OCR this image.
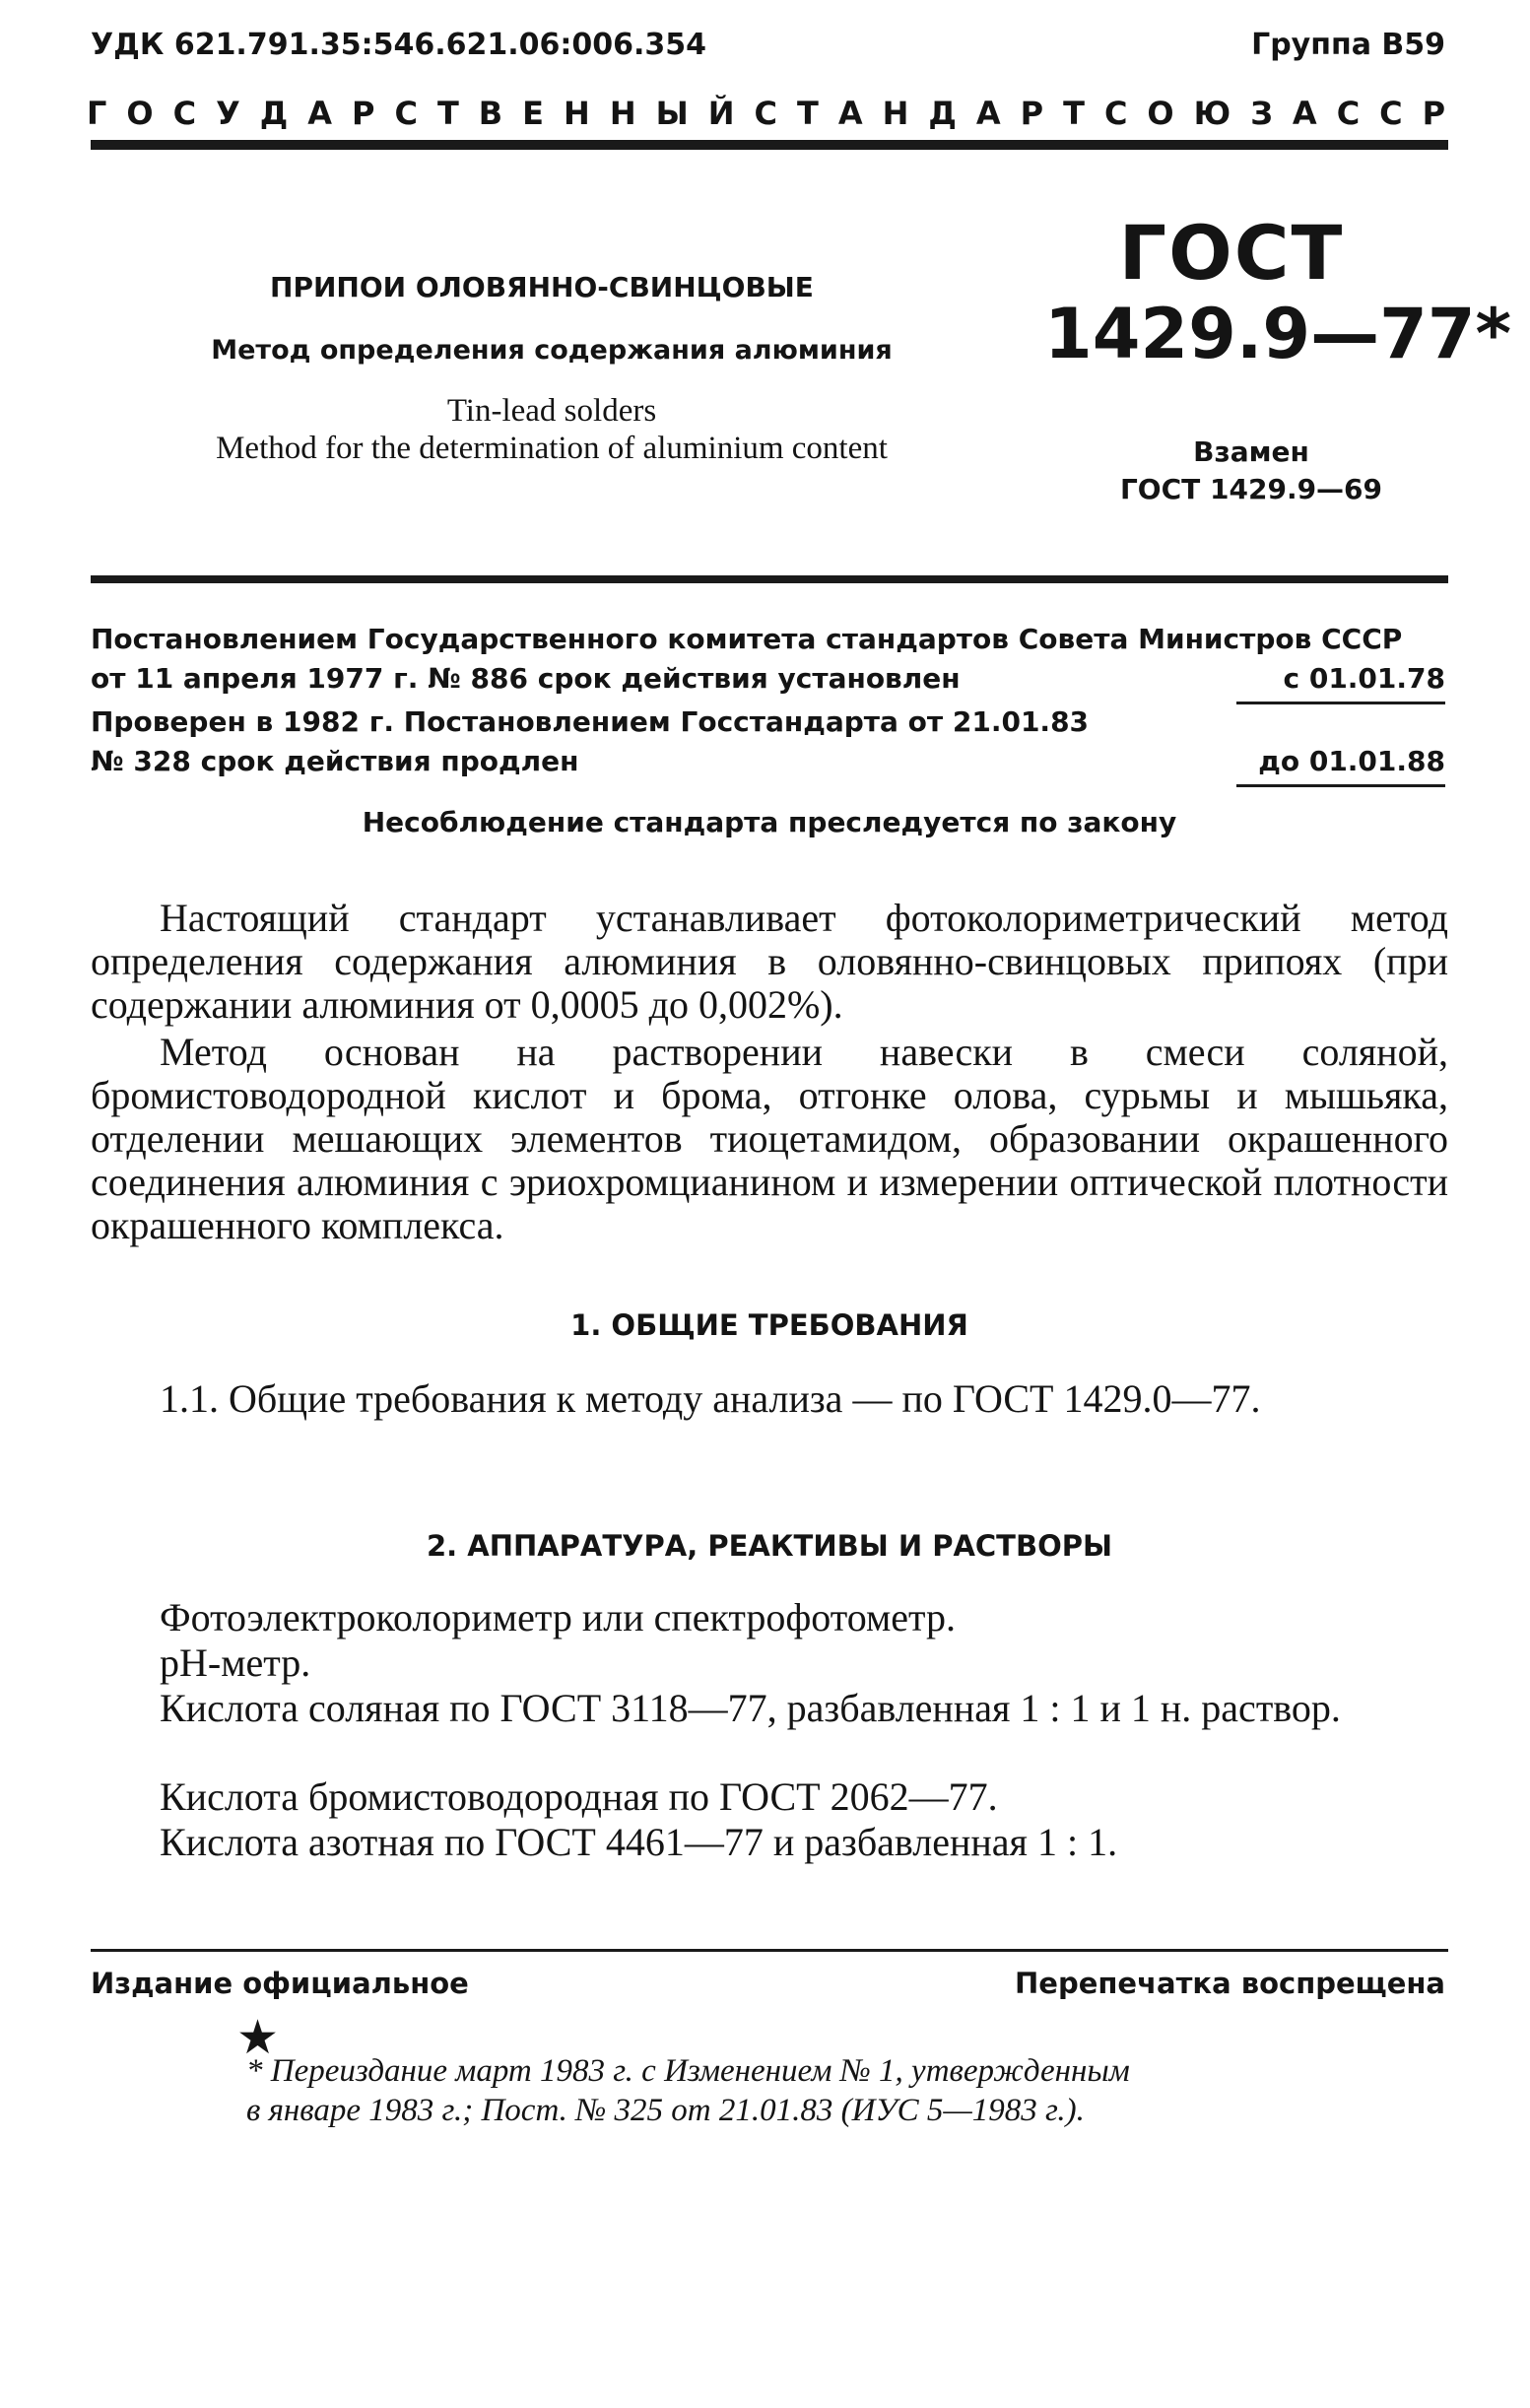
УДК 621.791.35:546.621.06:006.354	Группа В59
ГОСУДАРСТВЕННЫЙ СТАНДАРТ СОЮЗА ССР
ПРИПОИ ОЛОВЯННО-СВИНЦОВЫЕ
Метод определения содержания алюминия
Tin-lead solders
Method for the determination of aluminium content
ГОСТ
1429.9—77*
Взамен
ГОСТ 1429.9—69
Постановлением Государственного комитета стандартов Совета Министров СССР
от 11 апреля 1977 г. № 886 срок действия установлен	с 01.01.78
Проверен в 1982 г. Постановлением Госстандарта от 21.01.83
№ 328 срок действия продлен	до 01.01.88
Несоблюдение стандарта преследуется по закону
Настоящий стандарт устанавливает фотоколориметрический метод определения содержания алюминия в оловянно-свинцовых припоях (при содержании алюминия от 0,0005 до 0,002%).
Метод основан на растворении навески в смеси соляной, бромистоводородной кислот и брома, отгонке олова, сурьмы и мышьяка, отделении мешающих элементов тиоцетамидом, образовании окрашенного соединения алюминия с эриохромцианином и измерении оптической плотности окрашенного комплекса.
1. ОБЩИЕ ТРЕБОВАНИЯ
1.1. Общие требования к методу анализа — по ГОСТ 1429.0—77.
2. АППАРАТУРА, РЕАКТИВЫ И РАСТВОРЫ
Фотоэлектроколориметр или спектрофотометр.
pH-метр.
Кислота соляная по ГОСТ 3118—77, разбавленная 1 : 1 и 1 н. раствор.
Кислота бромистоводородная по ГОСТ 2062—77.
Кислота азотная по ГОСТ 4461—77 и разбавленная 1 : 1.
Издание официальное	Перепечатка воспрещена
★
* Переиздание март 1983 г. с Изменением № 1, утвержденным
в январе 1983 г.; Пост. № 325 от 21.01.83 (ИУС 5—1983 г.).
